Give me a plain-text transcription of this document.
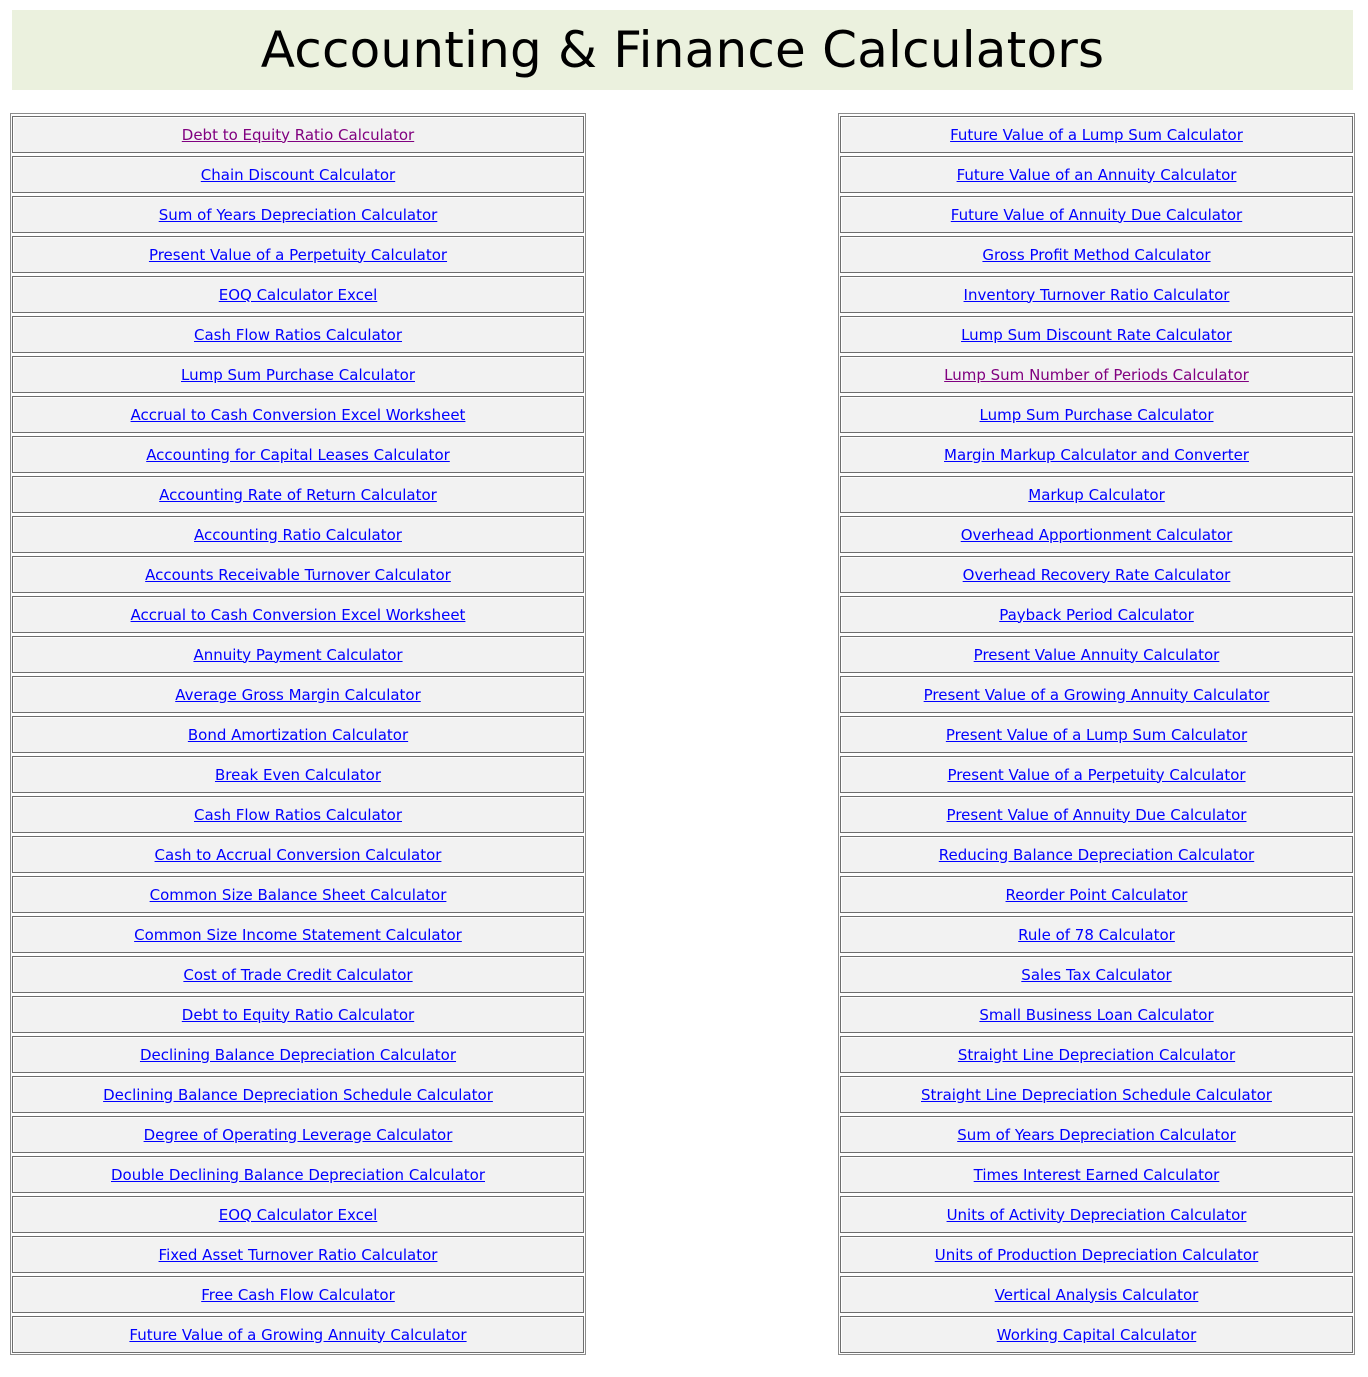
Accounting & Finance Calculators
Debt to Equity Ratio Calculator
Chain Discount Calculator
Sum of Years Depreciation Calculator
Present Value of a Perpetuity Calculator
EOQ Calculator Excel
Cash Flow Ratios Calculator
Lump Sum Purchase Calculator
Accrual to Cash Conversion Excel Worksheet
Accounting for Capital Leases Calculator
Accounting Rate of Return Calculator
Accounting Ratio Calculator
Accounts Receivable Turnover Calculator
Accrual to Cash Conversion Excel Worksheet
Annuity Payment Calculator
Average Gross Margin Calculator
Bond Amortization Calculator
Break Even Calculator
Cash Flow Ratios Calculator
Cash to Accrual Conversion Calculator
Common Size Balance Sheet Calculator
Common Size Income Statement Calculator
Cost of Trade Credit Calculator
Debt to Equity Ratio Calculator
Declining Balance Depreciation Calculator
Declining Balance Depreciation Schedule Calculator
Degree of Operating Leverage Calculator
Double Declining Balance Depreciation Calculator
EOQ Calculator Excel
Fixed Asset Turnover Ratio Calculator
Free Cash Flow Calculator
Future Value of a Growing Annuity Calculator
Future Value of a Lump Sum Calculator
Future Value of an Annuity Calculator
Future Value of Annuity Due Calculator
Gross Profit Method Calculator
Inventory Turnover Ratio Calculator
Lump Sum Discount Rate Calculator
Lump Sum Number of Periods Calculator
Lump Sum Purchase Calculator
Margin Markup Calculator and Converter
Markup Calculator
Overhead Apportionment Calculator
Overhead Recovery Rate Calculator
Payback Period Calculator
Present Value Annuity Calculator
Present Value of a Growing Annuity Calculator
Present Value of a Lump Sum Calculator
Present Value of a Perpetuity Calculator
Present Value of Annuity Due Calculator
Reducing Balance Depreciation Calculator
Reorder Point Calculator
Rule of 78 Calculator
Sales Tax Calculator
Small Business Loan Calculator
Straight Line Depreciation Calculator
Straight Line Depreciation Schedule Calculator
Sum of Years Depreciation Calculator
Times Interest Earned Calculator
Units of Activity Depreciation Calculator
Units of Production Depreciation Calculator
Vertical Analysis Calculator
Working Capital Calculator
